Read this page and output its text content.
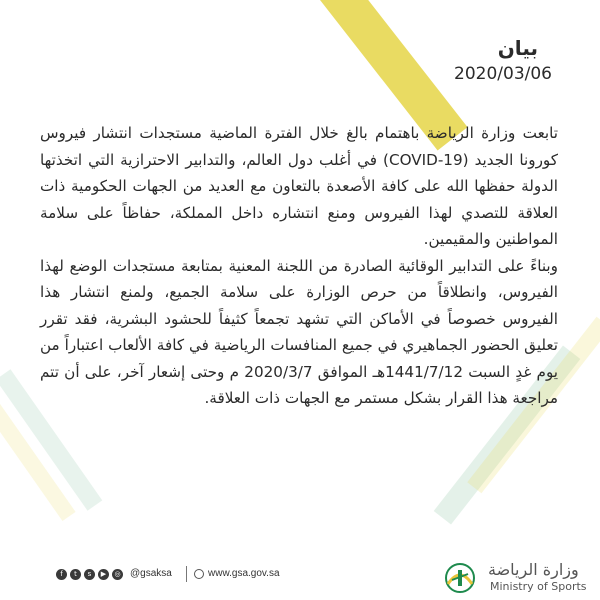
بيان
2020/03/06

تابعت وزارة الرياضة باهتمام بالغ خلال الفترة الماضية مستجدات انتشار فيروس كورونا الجديد (COVID-19) في أغلب دول العالم، والتدابير الاحترازية التي اتخذتها الدولة حفظها الله على كافة الأصعدة بالتعاون مع العديد من الجهات الحكومية ذات العلاقة للتصدي لهذا الفيروس ومنع انتشاره داخل المملكة، حفاظاً على سلامة المواطنين والمقيمين.

وبناءً على التدابير الوقائية الصادرة من اللجنة المعنية بمتابعة مستجدات الوضع لهذا الفيروس، وانطلاقاً من حرص الوزارة على سلامة الجميع، ولمنع انتشار هذا الفيروس خصوصاً في الأماكن التي تشهد تجمعاً كثيفاً للحشود البشرية، فقد تقرر تعليق الحضور الجماهيري في جميع المنافسات الرياضية في كافة الألعاب اعتباراً من يوم غدٍ السبت 1441/7/12هـ الموافق 2020/3/7 م وحتى إشعار آخر، على أن تتم مراجعة هذا القرار بشكل مستمر مع الجهات ذات العلاقة.

f	t	s	▶	◎ @gsaksa	www.gsa.gov.sa	وزارة الرياضة
Ministry of Sports
